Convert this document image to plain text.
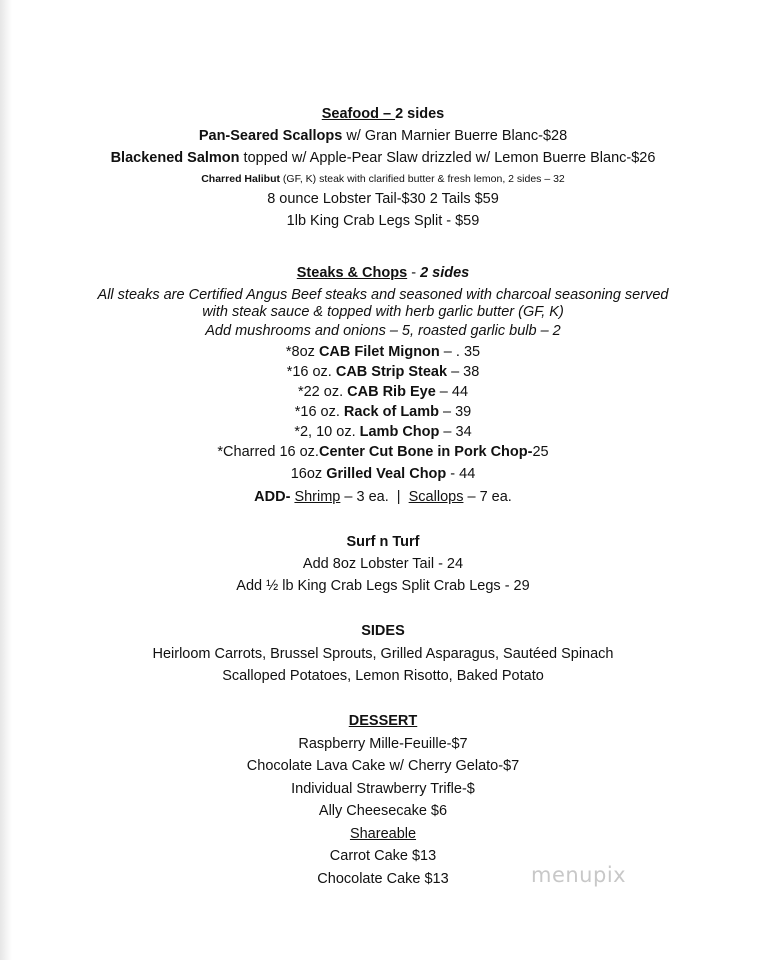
Seafood – 2 sides
Pan-Seared Scallops w/ Gran Marnier Buerre Blanc-$28
Blackened Salmon topped w/ Apple-Pear Slaw drizzled w/ Lemon Buerre Blanc-$26
Charred Halibut (GF, K) steak with clarified butter & fresh lemon, 2 sides – 32
8 ounce Lobster Tail-$30 2 Tails $59
1lb King Crab Legs Split - $59
Steaks & Chops - 2 sides
All steaks are Certified Angus Beef steaks and seasoned with charcoal seasoning served
with steak sauce & topped with herb garlic butter (GF, K)
Add mushrooms and onions – 5, roasted garlic bulb – 2
*8oz CAB Filet Mignon – . 35
*16 oz. CAB Strip Steak – 38
*22 oz. CAB Rib Eye – 44
*16 oz. Rack of Lamb – 39
*2, 10 oz. Lamb Chop – 34
*Charred 16 oz.Center Cut Bone in Pork Chop-25
16oz Grilled Veal Chop - 44
ADD- Shrimp – 3 ea.  |  Scallops – 7 ea.
Surf n Turf
Add 8oz Lobster Tail - 24
Add ½ lb King Crab Legs Split Crab Legs - 29
SIDES
Heirloom Carrots, Brussel Sprouts, Grilled Asparagus, Sautéed Spinach
Scalloped Potatoes, Lemon Risotto, Baked Potato
DESSERT
Raspberry Mille-Feuille-$7
Chocolate Lava Cake w/ Cherry Gelato-$7
Individual Strawberry Trifle-$
Ally Cheesecake $6
Shareable
Carrot Cake $13
Chocolate Cake $13	menupix
